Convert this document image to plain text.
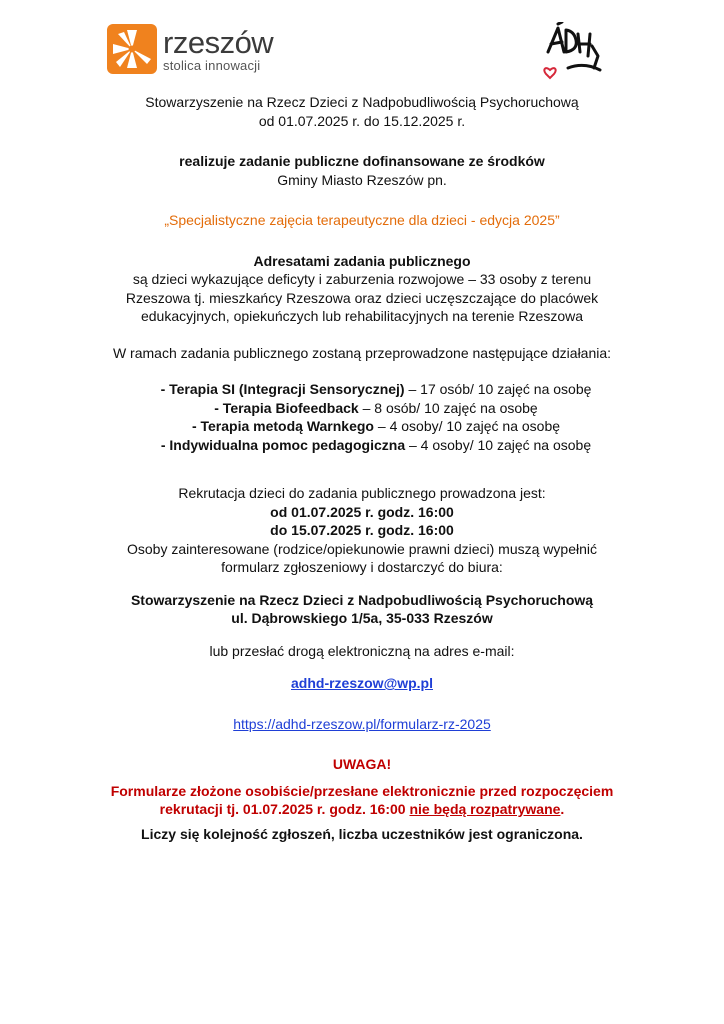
rzeszów
stolica innowacji

Stowarzyszenie na Rzecz Dzieci z Nadpobudliwością Psychoruchową

od 01.07.2025 r. do 15.12.2025 r.

realizuje zadanie publiczne dofinansowane ze środków

Gminy Miasto Rzeszów pn.

„Specjalistyczne zajęcia terapeutyczne dla dzieci - edycja 2025”

Adresatami zadania publicznego

są dzieci wykazujące deficyty i zaburzenia rozwojowe – 33 osoby z terenu

Rzeszowa tj. mieszkańcy Rzeszowa oraz dzieci uczęszczające do placówek

edukacyjnych, opiekuńczych lub rehabilitacyjnych na terenie Rzeszowa

W ramach zadania publicznego zostaną przeprowadzone następujące działania:

- Terapia SI (Integracji Sensorycznej) – 17 osób/ 10 zajęć na osobę

- Terapia Biofeedback – 8 osób/ 10 zajęć na osobę

- Terapia metodą Warnkego – 4 osoby/ 10 zajęć na osobę

- Indywidualna pomoc pedagogiczna – 4 osoby/ 10 zajęć na osobę

Rekrutacja dzieci do zadania publicznego prowadzona jest:

od 01.07.2025 r. godz. 16:00

do 15.07.2025 r. godz. 16:00

Osoby zainteresowane (rodzice/opiekunowie prawni dzieci) muszą wypełnić

formularz zgłoszeniowy i dostarczyć do biura:

Stowarzyszenie na Rzecz Dzieci z Nadpobudliwością Psychoruchową

ul. Dąbrowskiego 1/5a, 35-033 Rzeszów

lub przesłać drogą elektroniczną na adres e-mail:

adhd-rzeszow@wp.pl

https://adhd-rzeszow.pl/formularz-rz-2025

UWAGA!

Formularze złożone osobiście/przesłane elektronicznie przed rozpoczęciem

rekrutacji tj. 01.07.2025 r. godz. 16:00 nie będą rozpatrywane.

Liczy się kolejność zgłoszeń, liczba uczestników jest ograniczona.
